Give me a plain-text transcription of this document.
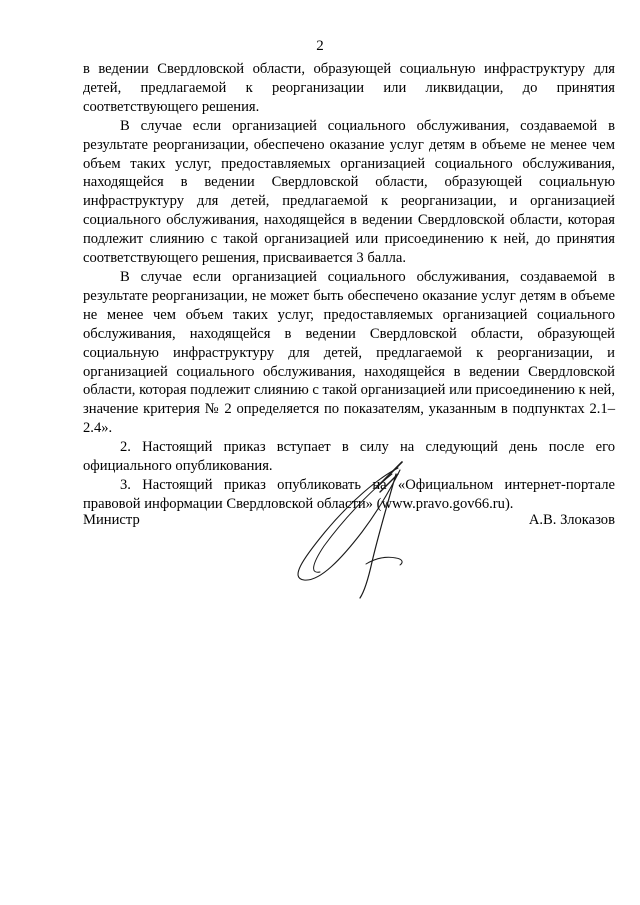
2

в ведении Свердловской области, образующей социальную инфраструктуру для детей, предлагаемой к реорганизации или ликвидации, до принятия соответствующего решения.

В случае если организацией социального обслуживания, создаваемой в результате реорганизации, обеспечено оказание услуг детям в объеме не менее чем объем таких услуг, предоставляемых организацией социального обслуживания, находящейся в ведении Свердловской области, образующей социальную инфраструктуру для детей, предлагаемой к реорганизации, и организацией социального обслуживания, находящейся в ведении Свердловской области, которая подлежит слиянию с такой организацией или присоединению к ней, до принятия соответствующего решения, присваивается 3 балла.

В случае если организацией социального обслуживания, создаваемой в результате реорганизации, не может быть обеспечено оказание услуг детям в объеме не менее чем объем таких услуг, предоставляемых организацией социального обслуживания, находящейся в ведении Свердловской области, образующей социальную инфраструктуру для детей, предлагаемой к реорганизации, и организацией социального обслуживания, находящейся в ведении Свердловской области, которая подлежит слиянию с такой организацией или присоединению к ней, значение критерия № 2 определяется по показателям, указанным в подпунктах 2.1–2.4».

2. Настоящий приказ вступает в силу на следующий день после его официального опубликования.

3. Настоящий приказ опубликовать на «Официальном интернет-портале правовой информации Свердловской области» (www.pravo.gov66.ru).

Министр	А.В. Злоказов
